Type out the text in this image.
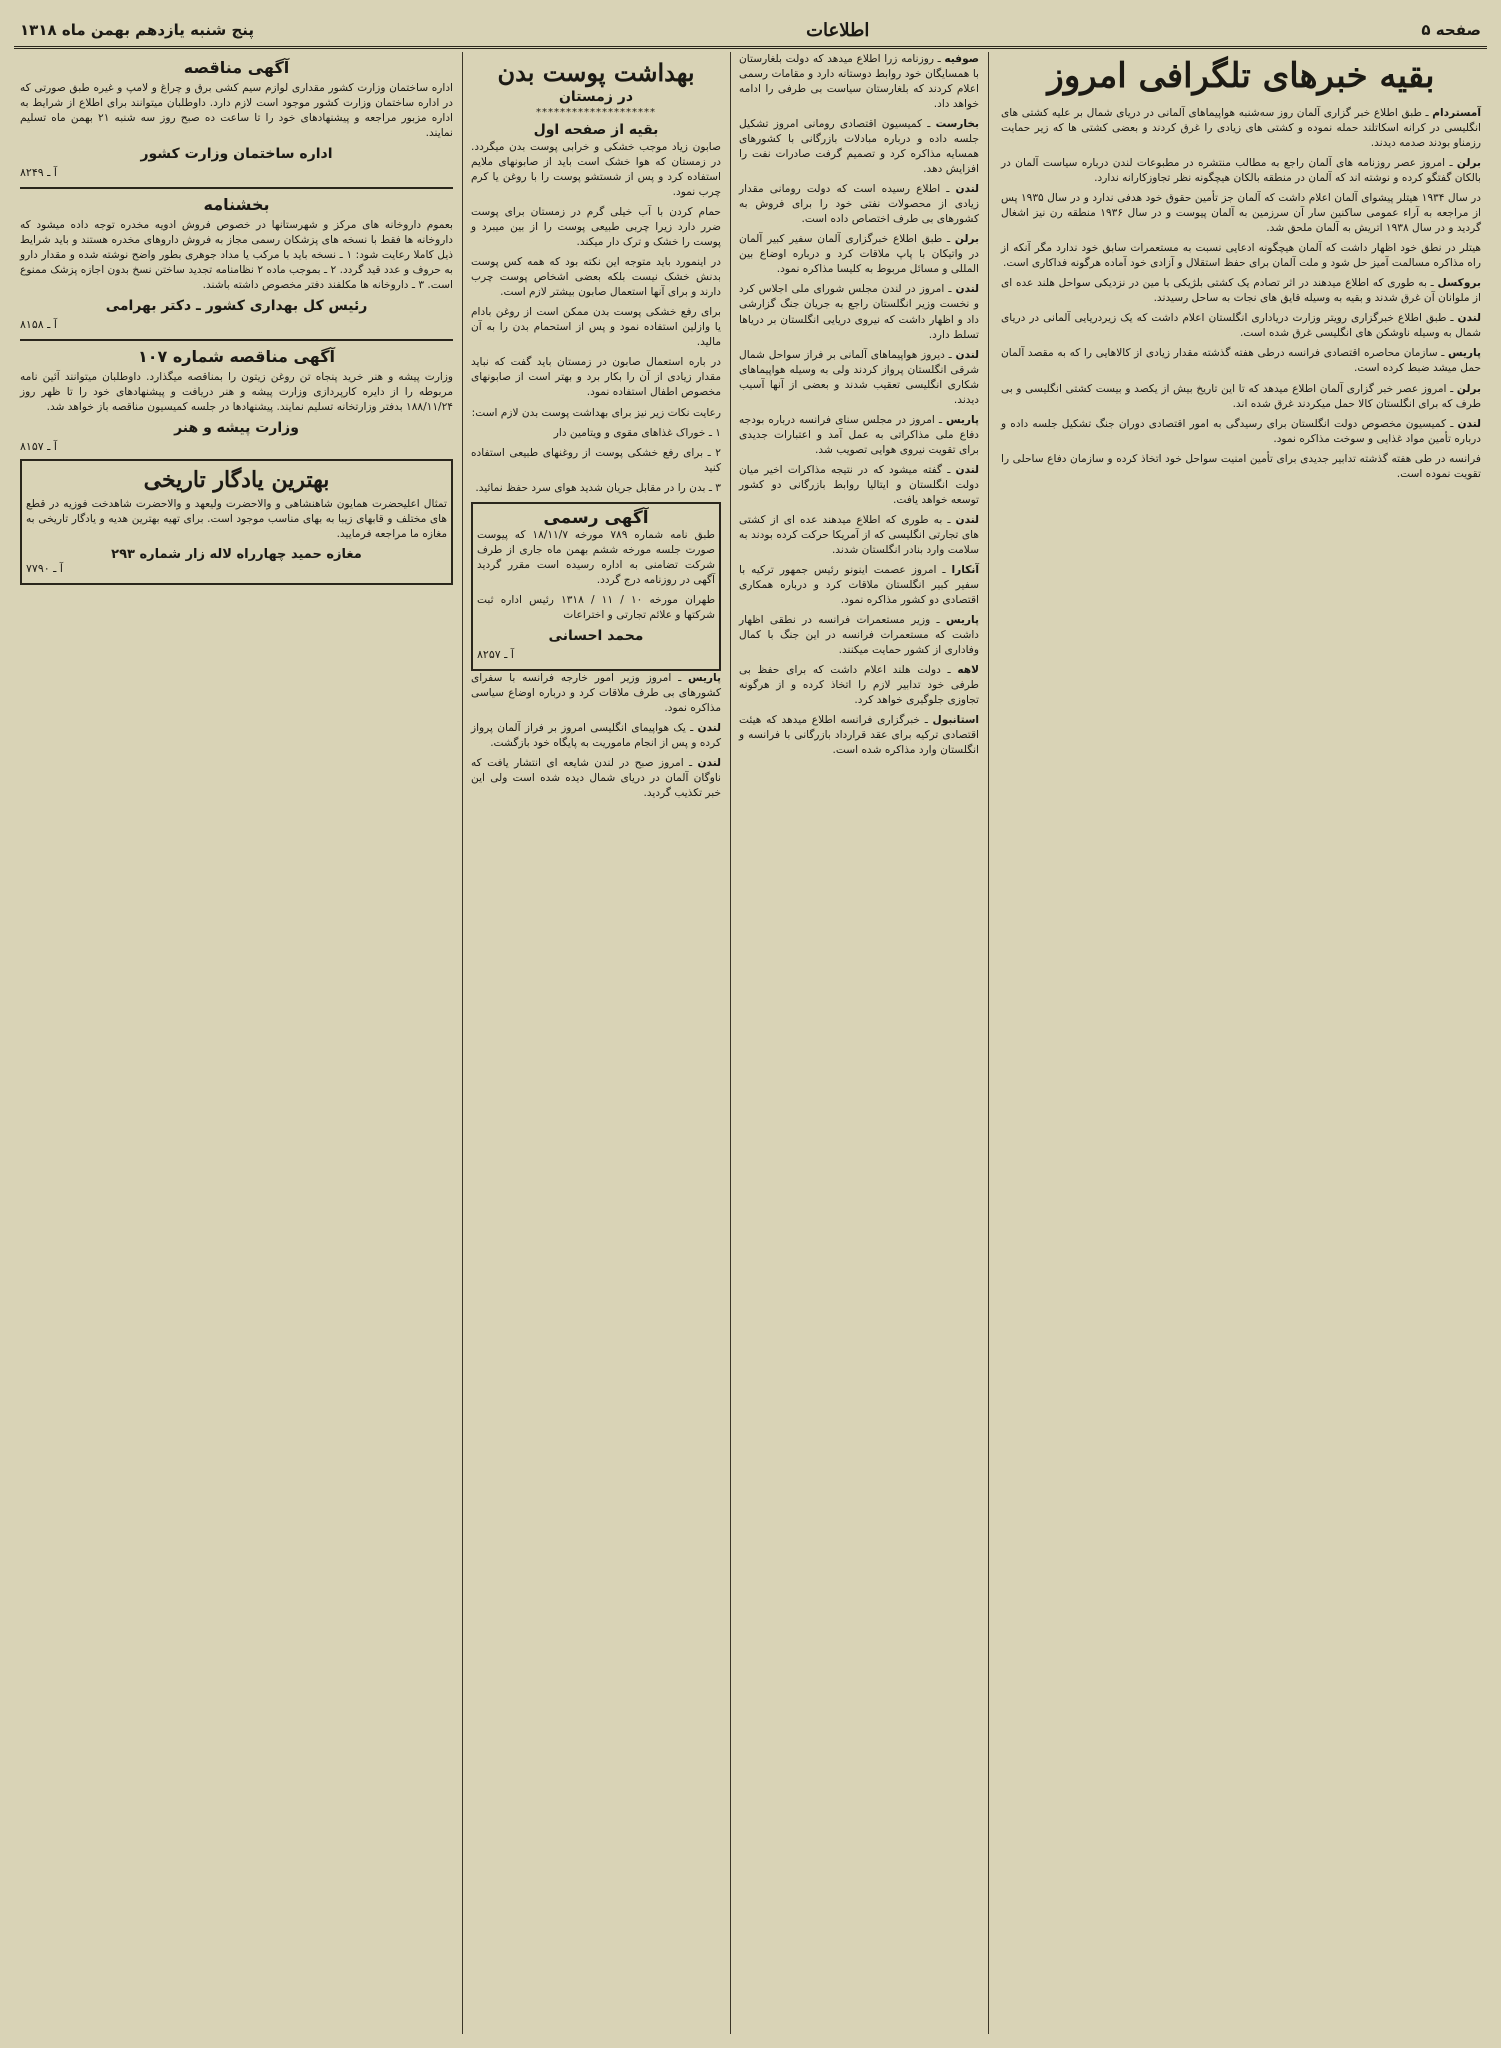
صفحه ۵
اطلاعات
پنج شنبه یازدهم بهمن ماه ۱۳۱۸
بقیه خبرهای تلگرافی امروز

آمستردام ـ طبق اطلاع خبر گزاری آلمان روز سه‌شنبه هواپیماهای آلمانی در دریای شمال بر علیه کشتی های انگلیسی در کرانه اسکاتلند حمله نموده و کشتی های زیادی را غرق کردند و بعضی کشتی ها که زیر حمایت رزمناو بودند صدمه دیدند.

برلن ـ امروز عصر روزنامه های آلمان راجع به مطالب منتشره در مطبوعات لندن درباره سیاست آلمان در بالکان گفتگو کرده و نوشته اند که آلمان در منطقه بالکان هیچگونه نظر تجاوزکارانه ندارد.

در سال ۱۹۳۴ هیتلر پیشوای آلمان اعلام داشت که آلمان جز تأمین حقوق خود هدفی ندارد و در سال ۱۹۳۵ پس از مراجعه به آراء عمومی ساکنین سار آن سرزمین به آلمان پیوست و در سال ۱۹۳۶ منطقه رن نیز اشغال گردید و در سال ۱۹۳۸ اتریش به آلمان ملحق شد.

هیتلر در نطق خود اظهار داشت که آلمان هیچگونه ادعایی نسبت به مستعمرات سابق خود ندارد مگر آنکه از راه مذاکره مسالمت آمیز حل شود و ملت آلمان برای حفظ استقلال و آزادی خود آماده هرگونه فداکاری است.

بروکسل ـ به طوری که اطلاع میدهند در اثر تصادم یک کشتی بلژیکی با مین در نزدیکی سواحل هلند عده ای از ملوانان آن غرق شدند و بقیه به وسیله قایق های نجات به ساحل رسیدند.

لندن ـ طبق اطلاع خبرگزاری رویتر وزارت دریاداری انگلستان اعلام داشت که یک زیردریایی آلمانی در دریای شمال به وسیله ناوشکن های انگلیسی غرق شده است.

پاریس ـ سازمان محاصره اقتصادی فرانسه درطی هفته گذشته مقدار زیادی از کالاهایی را که به مقصد آلمان حمل میشد ضبط کرده است.

برلن ـ امروز عصر خبر گزاری آلمان اطلاع میدهد که تا این تاریخ بیش از یکصد و بیست کشتی انگلیسی و بی طرف که برای انگلستان کالا حمل میکردند غرق شده اند.

لندن ـ کمیسیون مخصوص دولت انگلستان برای رسیدگی به امور اقتصادی دوران جنگ تشکیل جلسه داده و درباره تأمین مواد غذایی و سوخت مذاکره نمود.

فرانسه در طی هفته گذشته تدابیر جدیدی برای تأمین امنیت سواحل خود اتخاذ کرده و سازمان دفاع ساحلی را تقویت نموده است.

صوفیه ـ روزنامه زرا اطلاع میدهد که دولت بلغارستان با همسایگان خود روابط دوستانه دارد و مقامات رسمی اعلام کردند که بلغارستان سیاست بی طرفی را ادامه خواهد داد.

بخارست ـ کمیسیون اقتصادی رومانی امروز تشکیل جلسه داده و درباره مبادلات بازرگانی با کشورهای همسایه مذاکره کرد و تصمیم گرفت صادرات نفت را افزایش دهد.

لندن ـ اطلاع رسیده است که دولت رومانی مقدار زیادی از محصولات نفتی خود را برای فروش به کشورهای بی طرف اختصاص داده است.

برلن ـ طبق اطلاع خبرگزاری آلمان سفیر کبیر آلمان در واتیکان با پاپ ملاقات کرد و درباره اوضاع بین المللی و مسائل مربوط به کلیسا مذاکره نمود.

لندن ـ امروز در لندن مجلس شورای ملی اجلاس کرد و نخست وزیر انگلستان راجع به جریان جنگ گزارشی داد و اظهار داشت که نیروی دریایی انگلستان بر دریاها تسلط دارد.

لندن ـ دیروز هواپیماهای آلمانی بر فراز سواحل شمال شرقی انگلستان پرواز کردند ولی به وسیله هواپیماهای شکاری انگلیسی تعقیب شدند و بعضی از آنها آسیب دیدند.

پاریس ـ امروز در مجلس سنای فرانسه درباره بودجه دفاع ملی مذاکراتی به عمل آمد و اعتبارات جدیدی برای تقویت نیروی هوایی تصویب شد.

لندن ـ گفته میشود که در نتیجه مذاکرات اخیر میان دولت انگلستان و ایتالیا روابط بازرگانی دو کشور توسعه خواهد یافت.

لندن ـ به طوری که اطلاع میدهند عده ای از کشتی های تجارتی انگلیسی که از آمریکا حرکت کرده بودند به سلامت وارد بنادر انگلستان شدند.

آنکارا ـ امروز عصمت اینونو رئیس جمهور ترکیه با سفیر کبیر انگلستان ملاقات کرد و درباره همکاری اقتصادی دو کشور مذاکره نمود.

پاریس ـ وزیر مستعمرات فرانسه در نطقی اظهار داشت که مستعمرات فرانسه در این جنگ با کمال وفاداری از کشور حمایت میکنند.

لاهه ـ دولت هلند اعلام داشت که برای حفظ بی طرفی خود تدابیر لازم را اتخاذ کرده و از هرگونه تجاوزی جلوگیری خواهد کرد.

استانبول ـ خبرگزاری فرانسه اطلاع میدهد که هیئت اقتصادی ترکیه برای عقد قرارداد بازرگانی با فرانسه و انگلستان وارد مذاکره شده است.

بهداشت پوست بدن
در زمستان
********************
بقیه از صفحه اول

صابون زیاد موجب خشکی و خرابی پوست بدن میگردد. در زمستان که هوا خشک است باید از صابونهای ملایم استفاده کرد و پس از شستشو پوست را با روغن یا کرم چرب نمود.

حمام کردن با آب خیلی گرم در زمستان برای پوست ضرر دارد زیرا چربی طبیعی پوست را از بین میبرد و پوست را خشک و ترک دار میکند.

در اینمورد باید متوجه این نکته بود که همه کس پوست بدنش خشک نیست بلکه بعضی اشخاص پوست چرب دارند و برای آنها استعمال صابون بیشتر لازم است.

برای رفع خشکی پوست بدن ممکن است از روغن بادام یا وازلین استفاده نمود و پس از استحمام بدن را به آن مالید.

در باره استعمال صابون در زمستان باید گفت که نباید مقدار زیادی از آن را بکار برد و بهتر است از صابونهای مخصوص اطفال استفاده نمود.

رعایت نکات زیر نیز برای بهداشت پوست بدن لازم است:

۱ ـ خوراک غذاهای مقوی و ویتامین دار

۲ ـ برای رفع خشکی پوست از روغنهای طبیعی استفاده کنید

۳ ـ بدن را در مقابل جریان شدید هوای سرد حفظ نمائید.

آگهی رسمی

طبق نامه شماره ۷۸۹ مورخه ۱۸/۱۱/۷ که پیوست صورت جلسه مورخه ششم بهمن ماه جاری از طرف شرکت تضامنی به اداره رسیده است مقرر گردید آگهی در روزنامه درج گردد.

طهران مورخه ۱۰ / ۱۱ / ۱۳۱۸ رئیس اداره ثبت شرکتها و علائم تجارتی و اختراعات

محمد احسانی
آ ـ ۸۲۵۷

پاریس ـ امروز وزیر امور خارجه فرانسه با سفرای کشورهای بی طرف ملاقات کرد و درباره اوضاع سیاسی مذاکره نمود.

لندن ـ یک هواپیمای انگلیسی امروز بر فراز آلمان پرواز کرده و پس از انجام ماموریت به پایگاه خود بازگشت.

لندن ـ امروز صبح در لندن شایعه ای انتشار یافت که ناوگان آلمان در دریای شمال دیده شده است ولی این خبر تکذیب گردید.

آگهی مناقصه

اداره ساختمان وزارت کشور مقداری لوازم سیم کشی برق و چراغ و لامپ و غیره طبق صورتی که در اداره ساختمان وزارت کشور موجود است لازم دارد. داوطلبان میتوانند برای اطلاع از شرایط به اداره مزبور مراجعه و پیشنهادهای خود را تا ساعت ده صبح روز سه شنبه ۲۱ بهمن ماه تسلیم نمایند.

اداره ساختمان وزارت کشور
آ ـ ۸۲۴۹
بخشنامه

بعموم داروخانه های مرکز و شهرستانها در خصوص فروش ادویه مخدره توجه داده میشود که داروخانه ها فقط با نسخه های پزشکان رسمی مجاز به فروش داروهای مخدره هستند و باید شرایط ذیل کاملا رعایت شود: ۱ ـ نسخه باید با مرکب یا مداد جوهری بطور واضح نوشته شده و مقدار دارو به حروف و عدد قید گردد. ۲ ـ بموجب ماده ۲ نظامنامه تجدید ساختن نسخ بدون اجازه پزشک ممنوع است. ۳ ـ داروخانه ها مکلفند دفتر مخصوص داشته باشند.

رئیس کل بهداری کشور ـ دکتر بهرامی
آ ـ ۸۱۵۸
آگهی مناقصه شماره ۱۰۷

وزارت پیشه و هنر خرید پنجاه تن روغن زیتون را بمناقصه میگذارد. داوطلبان میتوانند آئین نامه مربوطه را از دایره کارپردازی وزارت پیشه و هنر دریافت و پیشنهادهای خود را تا ظهر روز ۱۸۸/۱۱/۲۴ بدفتر وزارتخانه تسلیم نمایند. پیشنهادها در جلسه کمیسیون مناقصه باز خواهد شد.

وزارت پیشه و هنر
آ ـ ۸۱۵۷
بهترین یادگار تاریخی

تمثال اعلیحضرت همایون شاهنشاهی و والاحضرت ولیعهد و والاحضرت شاهدخت فوزیه در قطع های مختلف و قابهای زیبا به بهای مناسب موجود است. برای تهیه بهترین هدیه و یادگار تاریخی به مغازه ما مراجعه فرمایید.

مغازه حمید چهارراه لاله زار شماره ۲۹۳
آ ـ ۷۷۹۰
